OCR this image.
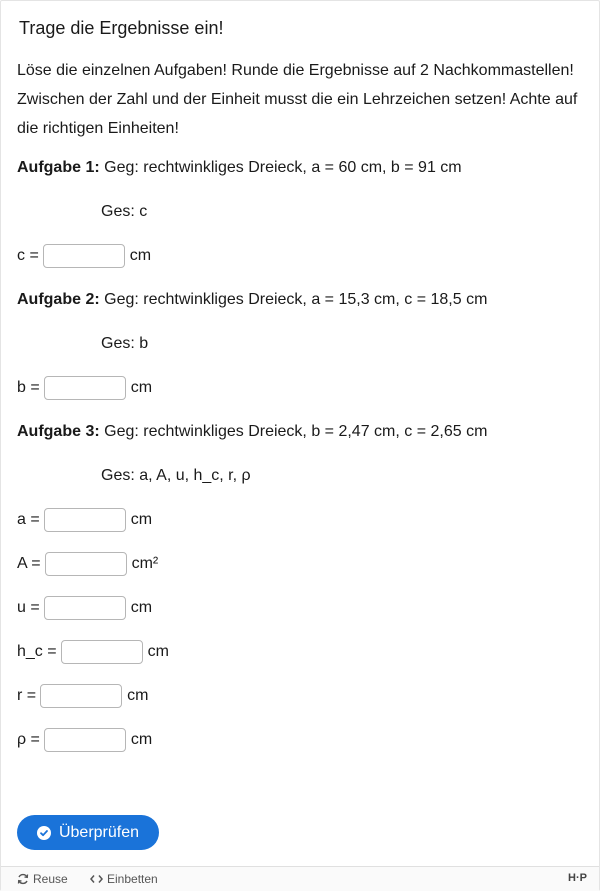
Trage die Ergebnisse ein!
Löse die einzelnen Aufgaben! Runde die Ergebnisse auf 2 Nachkommastellen! Zwischen der Zahl und der Einheit musst die ein Lehrzeichen setzen! Achte auf die richtigen Einheiten!
Aufgabe 1: Geg: rechtwinkliges Dreieck, a = 60 cm, b = 91 cm
Ges: c
c =	cm
Aufgabe 2: Geg: rechtwinkliges Dreieck, a = 15,3 cm, c = 18,5 cm
Ges: b
b =	cm
Aufgabe 3: Geg: rechtwinkliges Dreieck, b = 2,47 cm, c = 2,65 cm
Ges: a, A, u, h_c, r, ρ
a =	cm
A =	cm²
u =	cm
h_c =	cm
r =	cm
ρ =	cm
Überprüfen
Reuse	Einbetten	H·P
